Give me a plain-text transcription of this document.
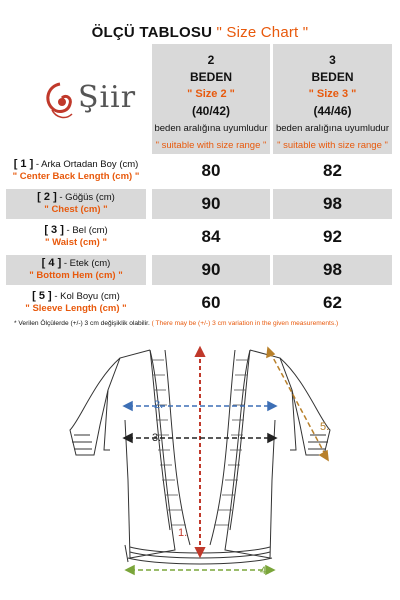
ÖLÇÜ TABLOSU " Size Chart "
Şiir
2
BEDEN
" Size 2 "
(40/42)
beden aralığına uyumludur
" suitable with size range "
3
BEDEN
" Size 3 "
(44/46)
beden aralığına uyumludur
" suitable with size range "
[ 1 ] - Arka Ortadan Boy (cm)
" Center Back Length (cm) "	80	82
[ 2 ] - Göğüs (cm)
" Chest (cm) "	90	98
[ 3 ] - Bel (cm)
" Waist (cm) "	84	92
[ 4 ] - Etek (cm)
" Bottom Hem (cm) "	90	98
[ 5 ] - Kol Boyu (cm)
" Sleeve Length (cm) "	60	62
* Verilen Ölçülerde (+/-) 3 cm değişiklik olabilir. ( There may be (+/-) 3 cm variation in the given measurements.)
1.
2.
3.
4.
5.
